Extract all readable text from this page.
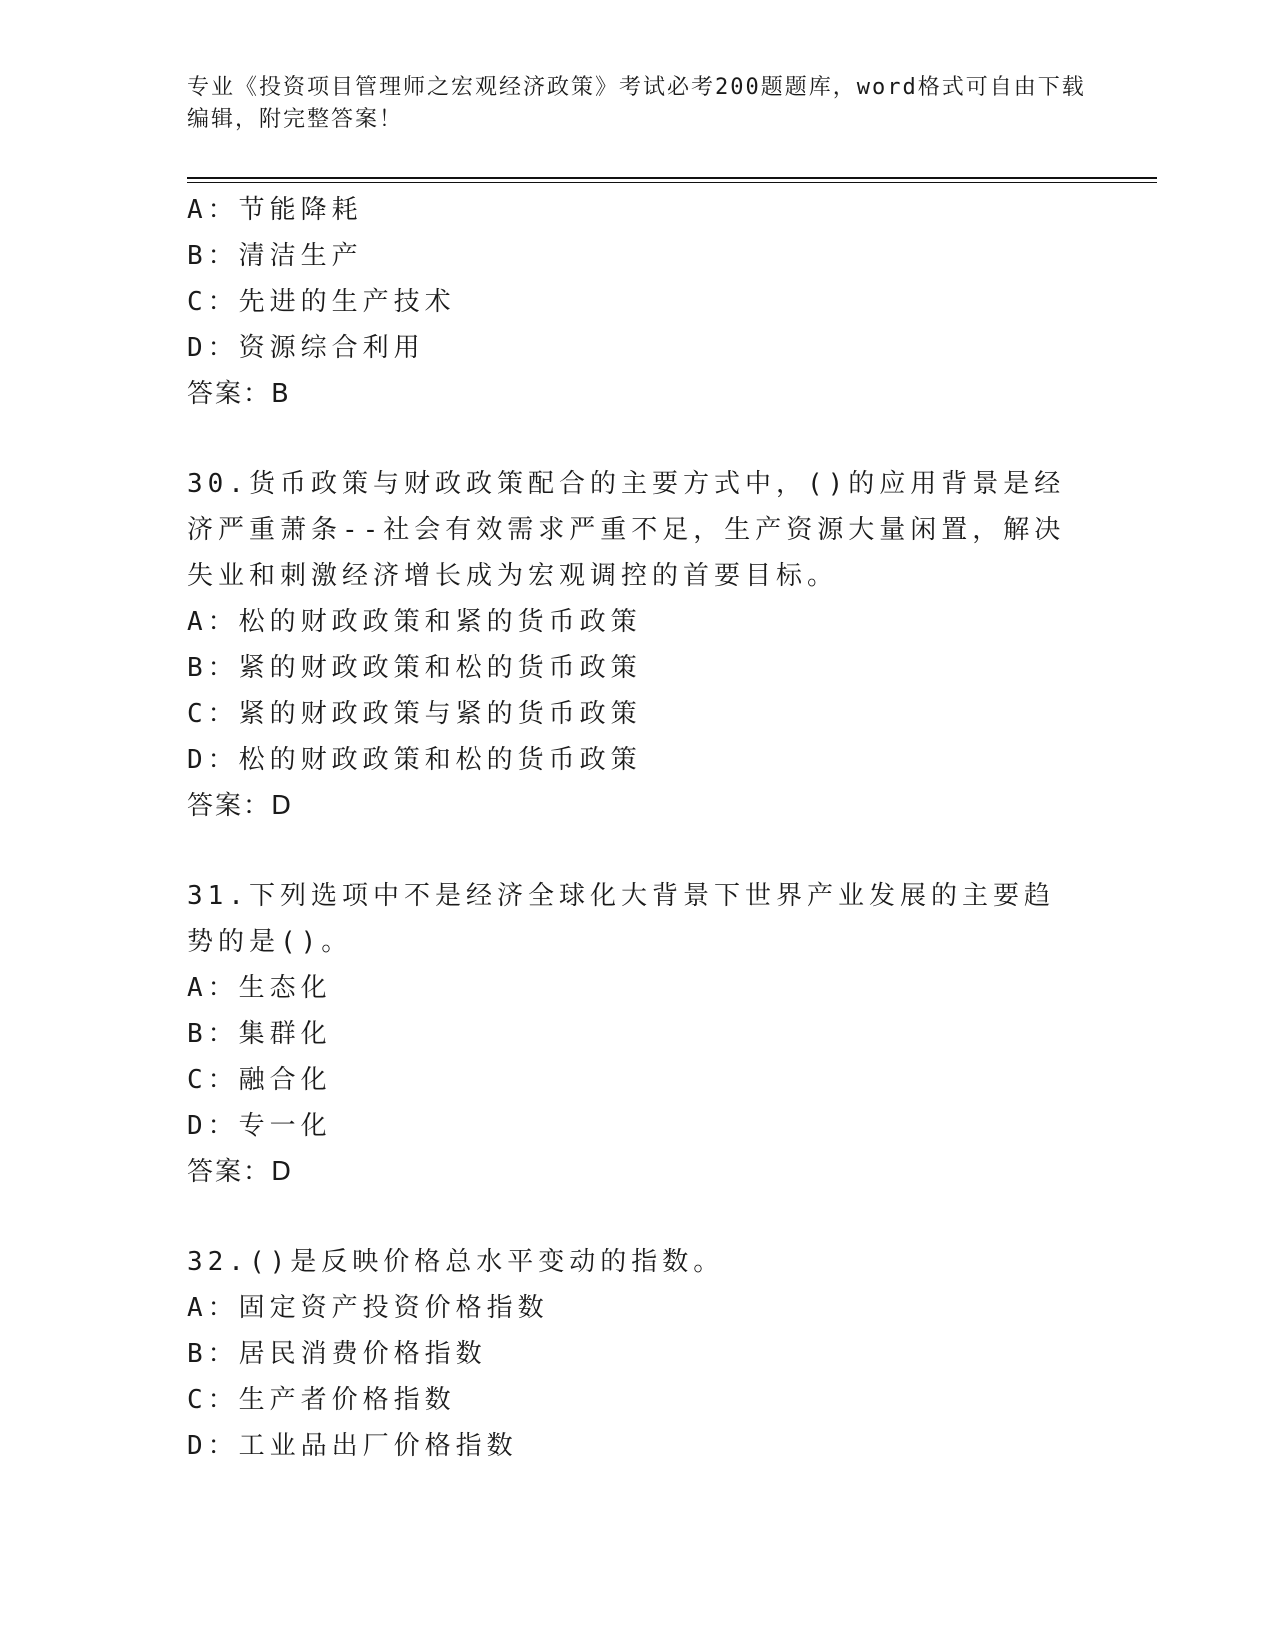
专业《投资项目管理师之宏观经济政策》考试必考200题题库，word格式可自由下载编辑，附完整答案！
A：节能降耗
B：清洁生产
C：先进的生产技术
D：资源综合利用
答案：B
30.货币政策与财政政策配合的主要方式中，()的应用背景是经济严重萧条--社会有效需求严重不足，生产资源大量闲置，解决失业和刺激经济增长成为宏观调控的首要目标。
A：松的财政政策和紧的货币政策
B：紧的财政政策和松的货币政策
C：紧的财政政策与紧的货币政策
D：松的财政政策和松的货币政策
答案：D
31.下列选项中不是经济全球化大背景下世界产业发展的主要趋势的是()。
A：生态化
B：集群化
C：融合化
D：专一化
答案：D
32.()是反映价格总水平变动的指数。
A：固定资产投资价格指数
B：居民消费价格指数
C：生产者价格指数
D：工业品出厂价格指数
